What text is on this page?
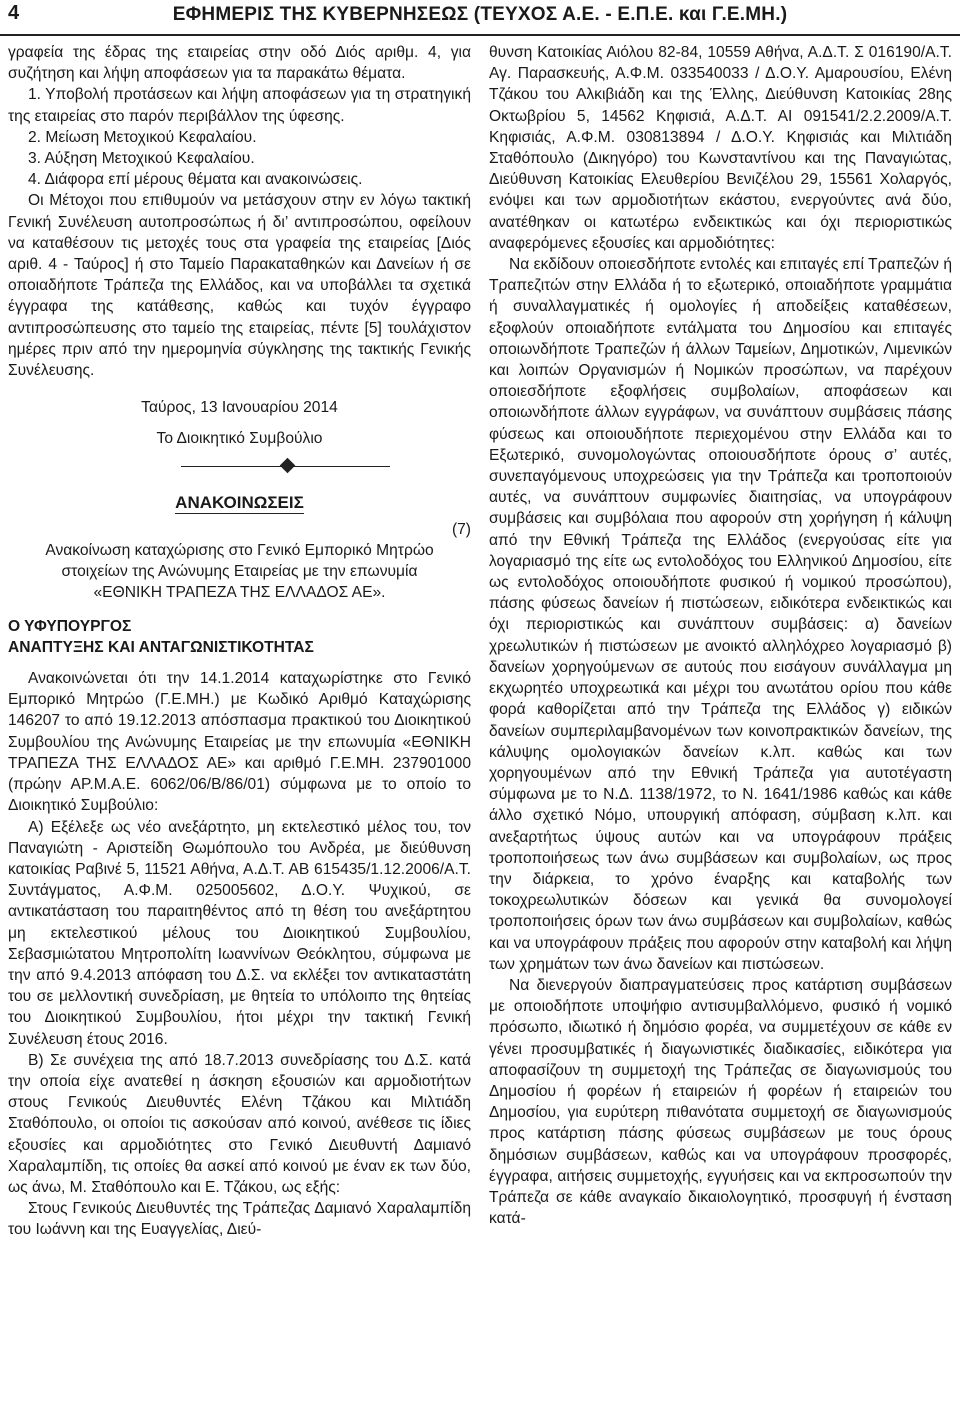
4	ΕΦΗΜΕΡΙΣ ΤΗΣ ΚΥΒΕΡΝΗΣΕΩΣ (ΤΕΥΧΟΣ Α.Ε. - Ε.Π.Ε. και Γ.Ε.ΜΗ.)

γραφεία της έδρας της εταιρείας στην οδό Διός αριθμ. 4, για συζήτηση και λήψη αποφάσεων για τα παρακάτω θέματα.

1. Υποβολή προτάσεων και λήψη αποφάσεων για τη στρατηγική της εταιρείας στο παρόν περιβάλλον της ύφεσης.

2. Μείωση Μετοχικού Κεφαλαίου.

3. Αύξηση Μετοχικού Κεφαλαίου.

4. Διάφορα επί μέρους θέματα και ανακοινώσεις.

Οι Μέτοχοι που επιθυμούν να μετάσχουν στην εν λόγω τακτική Γενική Συνέλευση αυτοπροσώπως ή δι’ αντιπροσώπου, οφείλουν να καταθέσουν τις μετοχές τους στα γραφεία της εταιρείας [Διός αριθ. 4 - Ταύρος] ή στο Ταμείο Παρακαταθηκών και Δανείων ή σε οποιαδήποτε Τράπεζα της Ελλάδος, και να υποβάλλει τα σχετικά έγγραφα της κατάθεσης, καθώς και τυχόν έγγραφο αντιπροσώπευσης στο ταμείο της εταιρείας, πέντε [5] τουλάχιστον ημέρες πριν από την ημερομηνία σύγκλησης της τακτικής Γενικής Συνέλευσης.

Ταύρος, 13 Ιανουαρίου 2014
Το Διοικητικό Συμβούλιο
ΑΝΑΚΟΙΝΩΣΕΙΣ
(7)

Ανακοίνωση καταχώρισης στο Γενικό Εμπορικό Μητρώο

στοιχείων της Ανώνυμης Εταιρείας με την επωνυμία

«ΕΘΝΙΚΗ ΤΡΑΠΕΖΑ ΤΗΣ ΕΛΛΑΔΟΣ ΑΕ».

Ο ΥΦΥΠΟΥΡΓΟΣ

ΑΝΑΠΤΥΞΗΣ ΚΑΙ ΑΝΤΑΓΩΝΙΣΤΙΚΟΤΗΤΑΣ

Ανακοινώνεται ότι την 14.1.2014 καταχωρίστηκε στο Γενικό Εμπορικό Μητρώο (Γ.Ε.ΜΗ.) με Κωδικό Αριθμό Καταχώρισης 146207 το από 19.12.2013 απόσπασμα πρακτικού του Διοικητικού Συμβουλίου της Ανώνυμης Εταιρείας με την επωνυμία «ΕΘΝΙΚΗ ΤΡΑΠΕΖΑ ΤΗΣ ΕΛΛΑΔΟΣ ΑΕ» και αριθμό Γ.Ε.ΜΗ. 237901000 (πρώην ΑΡ.Μ.Α.Ε. 6062/06/Β/86/01) σύμφωνα με το οποίο το Διοικητικό Συμβούλιο:

Α) Εξέλεξε ως νέο ανεξάρτητο, μη εκτελεστικό μέλος του, τον Παναγιώτη - Αριστείδη Θωμόπουλο του Ανδρέα, με διεύθυνση κατοικίας Ραβινέ 5, 11521 Αθήνα, Α.Δ.Τ. ΑΒ 615435/1.12.2006/Α.Τ. Συντάγματος, Α.Φ.Μ. 025005602, Δ.Ο.Υ. Ψυχικού, σε αντικατάσταση του παραιτηθέντος από τη θέση του ανεξάρτητου μη εκτελεστικού μέλους του Διοικητικού Συμβουλίου, Σεβασμιώτατου Μητροπολίτη Ιωαννίνων Θεόκλητου, σύμφωνα με την από 9.4.2013 απόφαση του Δ.Σ. να εκλέξει τον αντικαταστάτη του σε μελλοντική συνεδρίαση, με θητεία το υπόλοιπο της θητείας του Διοικητικού Συμβουλίου, ήτοι μέχρι την τακτική Γενική Συνέλευση έτους 2016.

Β) Σε συνέχεια της από 18.7.2013 συνεδρίασης του Δ.Σ. κατά την οποία είχε ανατεθεί η άσκηση εξουσιών και αρμοδιοτήτων στους Γενικούς Διευθυντές Ελένη Τζάκου και Μιλτιάδη Σταθόπουλο, οι οποίοι τις ασκούσαν από κοινού, ανέθεσε τις ίδιες εξουσίες και αρμοδιότητες στο Γενικό Διευθυντή Δαμιανό Χαραλαμπίδη, τις οποίες θα ασκεί από κοινού με έναν εκ των δύο, ως άνω, Μ. Σταθόπουλο και Ε. Τζάκου, ως εξής:

Στους Γενικούς Διευθυντές της Τράπεζας Δαμιανό Χαραλαμπίδη του Ιωάννη και της Ευαγγελίας, Διεύ-

θυνση Κατοικίας Αιόλου 82-84, 10559 Αθήνα, Α.Δ.Τ. Σ 016190/Α.Τ. Αγ. Παρασκευής, Α.Φ.Μ. 033540033 / Δ.Ο.Υ. Αμαρουσίου, Ελένη Τζάκου του Αλκιβιάδη και της Έλλης, Διεύθυνση Κατοικίας 28ης Οκτωβρίου 5, 14562 Κηφισιά, Α.Δ.Τ. ΑΙ 091541/2.2.2009/Α.Τ. Κηφισιάς, Α.Φ.Μ. 030813894 / Δ.Ο.Υ. Κηφισιάς και Μιλτιάδη Σταθόπουλο (Δικηγόρο) του Κωνσταντίνου και της Παναγιώτας, Διεύθυνση Κατοικίας Ελευθερίου Βενιζέλου 29, 15561 Χολαργός, ενόψει και των αρμοδιοτήτων εκάστου, ενεργούντες ανά δύο, ανατέθηκαν οι κατωτέρω ενδεικτικώς και όχι περιοριστικώς αναφερόμενες εξουσίες και αρμοδιότητες:

Να εκδίδουν οποιεσδήποτε εντολές και επιταγές επί Τραπεζών ή Τραπεζιτών στην Ελλάδα ή το εξωτερικό, οποιαδήποτε γραμμάτια ή συναλλαγματικές ή ομολογίες ή αποδείξεις καταθέσεων, εξοφλούν οποιαδήποτε εντάλματα του Δημοσίου και επιταγές οποιωνδήποτε Τραπεζών ή άλλων Ταμείων, Δημοτικών, Λιμενικών και λοιπών Οργανισμών ή Νομικών προσώπων, να παρέχουν οποιεσδήποτε εξοφλήσεις συμβολαίων, αποφάσεων και οποιωνδήποτε άλλων εγγράφων, να συνάπτουν συμβάσεις πάσης φύσεως και οποιουδήποτε περιεχομένου στην Ελλάδα και το Εξωτερικό, συνομολογώντας οποιουσδήποτε όρους σ’ αυτές, συνεπαγόμενους υποχρεώσεις για την Τράπεζα και τροποποιούν αυτές, να συνάπτουν συμφωνίες διαιτησίας, να υπογράφουν συμβάσεις και συμβόλαια που αφορούν στη χορήγηση ή κάλυψη από την Εθνική Τράπεζα της Ελλάδος (ενεργούσας είτε για λογαριασμό της είτε ως εντολοδόχος του Ελληνικού Δημοσίου, είτε ως εντολοδόχος οποιουδήποτε φυσικού ή νομικού προσώπου), πάσης φύσεως δανείων ή πιστώσεων, ειδικότερα ενδεικτικώς και όχι περιοριστικώς και συνάπτουν συμβάσεις: α) δανείων χρεωλυτικών ή πιστώσεων με ανοικτό αλληλόχρεο λογαριασμό β) δανείων χορηγούμενων σε αυτούς που εισάγουν συνάλλαγμα μη εκχωρητέο υποχρεωτικά και μέχρι του ανωτάτου ορίου που κάθε φορά καθορίζεται από την Τράπεζα της Ελλάδος γ) ειδικών δανείων συμπεριλαμβανομένων των κοινοπρακτικών δανείων, της κάλυψης ομολογιακών δανείων κ.λπ. καθώς και των χορηγουμένων από την Εθνική Τράπεζα για αυτοτέγαστη σύμφωνα με το Ν.Δ. 1138/1972, το Ν. 1641/1986 καθώς και κάθε άλλο σχετικό Νόμο, υπουργική απόφαση, σύμβαση κ.λπ. και ανεξαρτήτως ύψους αυτών και να υπογράφουν πράξεις τροποποιήσεως των άνω συμβάσεων και συμβολαίων, ως προς την διάρκεια, το χρόνο έναρξης και καταβολής των τοκοχρεωλυτικών δόσεων και γενικά θα συνομολογεί τροποποιήσεις όρων των άνω συμβάσεων και συμβολαίων, καθώς και να υπογράφουν πράξεις που αφορούν στην καταβολή και λήψη των χρημάτων των άνω δανείων και πιστώσεων.

Να διενεργούν διαπραγματεύσεις προς κατάρτιση συμβάσεων με οποιοδήποτε υποψήφιο αντισυμβαλλόμενο, φυσικό ή νομικό πρόσωπο, ιδιωτικό ή δημόσιο φορέα, να συμμετέχουν σε κάθε εν γένει προσυμβατικές ή διαγωνιστικές διαδικασίες, ειδικότερα για αποφασίζουν τη συμμετοχή της Τράπεζας σε διαγωνισμούς του Δημοσίου ή φορέων ή εταιρειών ή φορέων ή εταιρειών του Δημοσίου, για ευρύτερη πιθανότατα συμμετοχή σε διαγωνισμούς προς κατάρτιση πάσης φύσεως συμβάσεων με τους όρους δημόσιων συμβάσεων, καθώς και να υπογράφουν προσφορές, έγγραφα, αιτήσεις συμμετοχής, εγγυήσεις και να εκπροσωπούν την Τράπεζα σε κάθε αναγκαίο δικαιολογητικό, προσφυγή ή ένσταση κατά-
